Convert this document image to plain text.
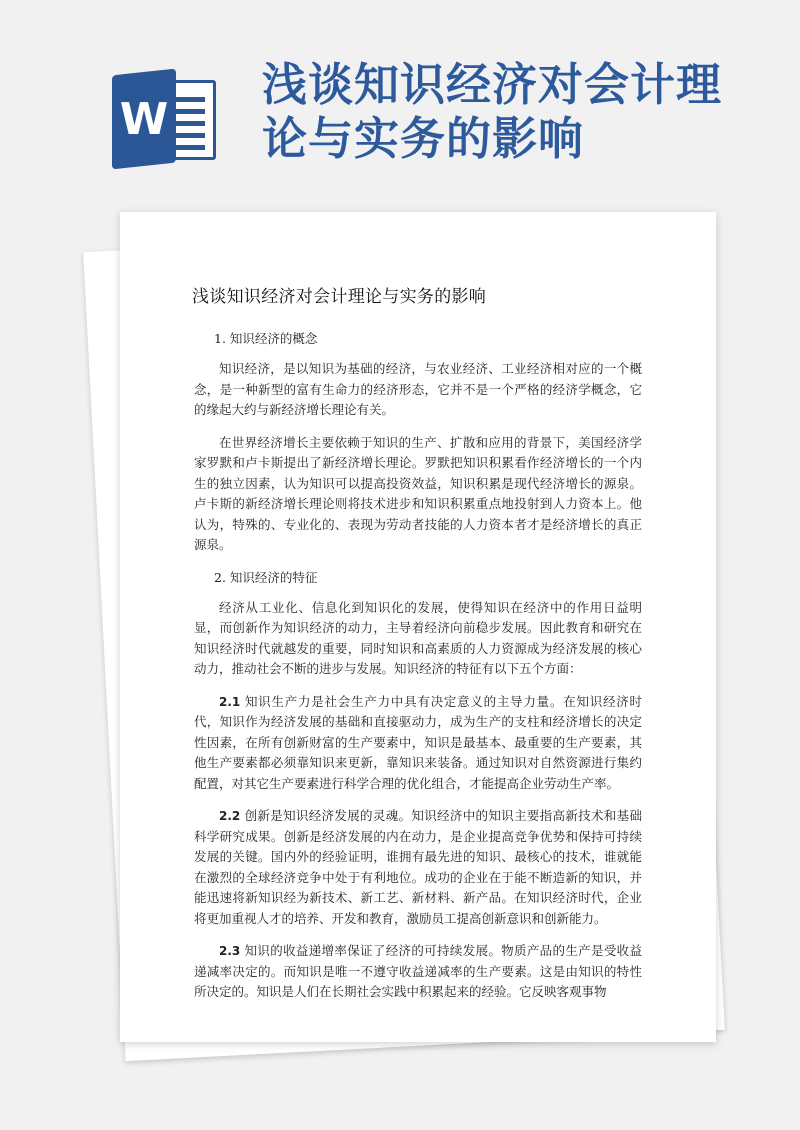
W
浅谈知识经济对会计理
论与实务的影响
浅谈知识经济对会计理论与实务的影响
1. 知识经济的概念

知识经济，是以知识为基础的经济，与农业经济、工业经济相对应的一个概念，是一种新型的富有生命力的经济形态，它并不是一个严格的经济学概念，它的缘起大约与新经济增长理论有关。

在世界经济增长主要依赖于知识的生产、扩散和应用的背景下，美国经济学家罗默和卢卡斯提出了新经济增长理论。罗默把知识积累看作经济增长的一个内生的独立因素，认为知识可以提高投资效益，知识积累是现代经济增长的源泉。卢卡斯的新经济增长理论则将技术进步和知识积累重点地投射到人力资本上。他认为，特殊的、专业化的、表现为劳动者技能的人力资本者才是经济增长的真正源泉。

2. 知识经济的特征

经济从工业化、信息化到知识化的发展，使得知识在经济中的作用日益明显，而创新作为知识经济的动力，主导着经济向前稳步发展。因此教育和研究在知识经济时代就越发的重要，同时知识和高素质的人力资源成为经济发展的核心动力，推动社会不断的进步与发展。知识经济的特征有以下五个方面：

2.1 知识生产力是社会生产力中具有决定意义的主导力量。在知识经济时代，知识作为经济发展的基础和直接驱动力，成为生产的支柱和经济增长的决定性因素，在所有创新财富的生产要素中，知识是最基本、最重要的生产要素，其他生产要素都必须靠知识来更新，靠知识来装备。通过知识对自然资源进行集约配置，对其它生产要素进行科学合理的优化组合，才能提高企业劳动生产率。

2.2 创新是知识经济发展的灵魂。知识经济中的知识主要指高新技术和基础科学研究成果。创新是经济发展的内在动力，是企业提高竞争优势和保持可持续发展的关键。国内外的经验证明，谁拥有最先进的知识、最核心的技术，谁就能在激烈的全球经济竞争中处于有利地位。成功的企业在于能不断造新的知识，并能迅速将新知识经为新技术、新工艺、新材料、新产品。在知识经济时代，企业将更加重视人才的培养、开发和教育，激励员工提高创新意识和创新能力。

2.3 知识的收益递增率保证了经济的可持续发展。物质产品的生产是受收益递减率决定的。而知识是唯一不遵守收益递减率的生产要素。这是由知识的特性所决定的。知识是人们在长期社会实践中积累起来的经验。它反映客观事物
